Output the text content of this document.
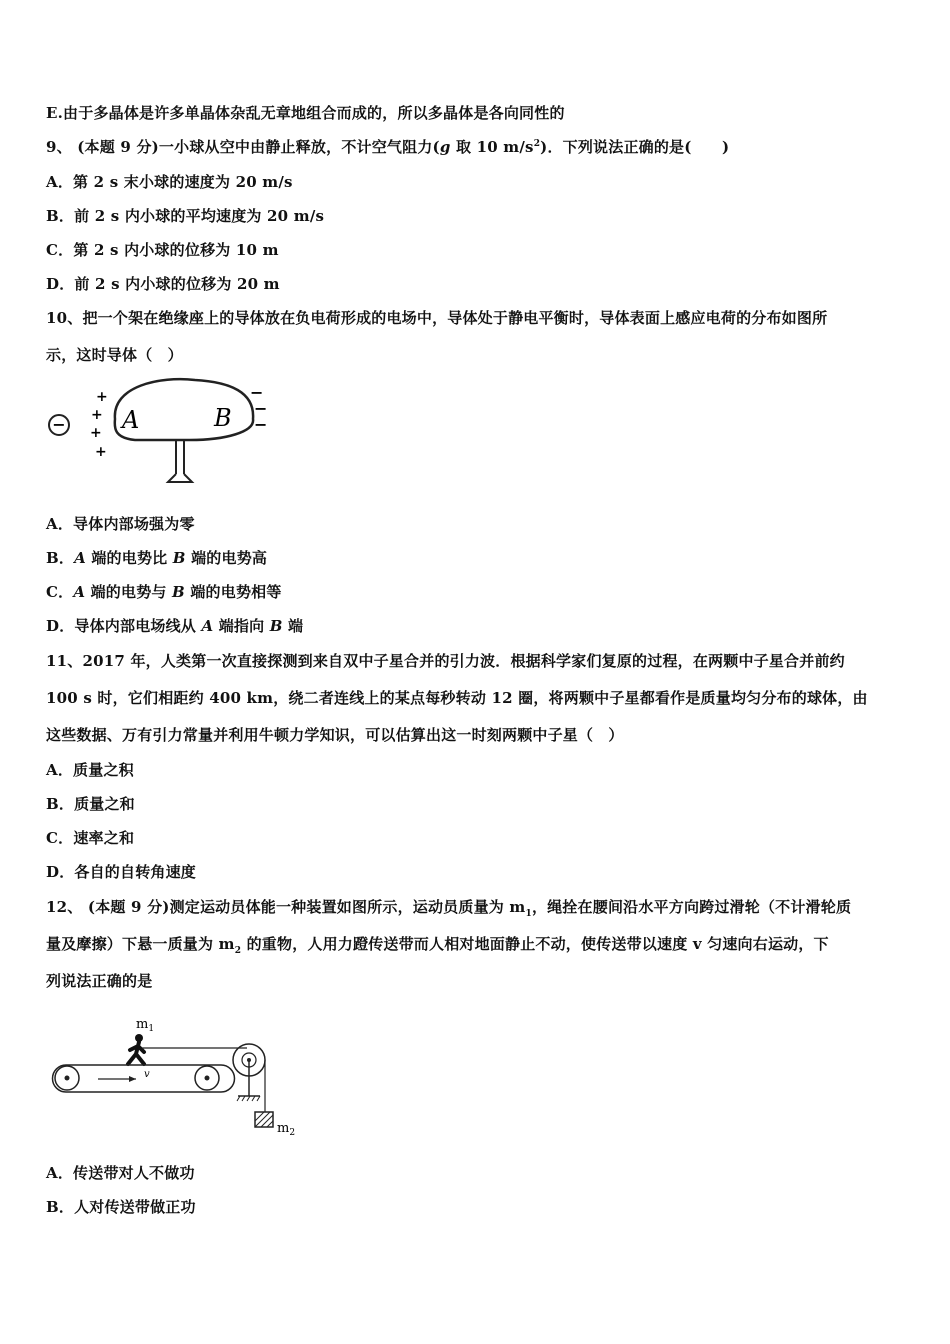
E.由于多晶体是许多单晶体杂乱无章地组合而成的，所以多晶体是各向同性的
9、 (本题 9 分)一小球从空中由静止释放，不计空气阻力(g 取 10 $m/s^2$)．下列说法正确的是(　　)
A．第 2 s 末小球的速度为 20 m/s
B．前 2 s 内小球的平均速度为 20 m/s
C．第 2 s 内小球的位移为 10 m
D．前 2 s 内小球的位移为 20 m
10、把一个架在绝缘座上的导体放在负电荷形成的电场中，导体处于静电平衡时，导体表面上感应电荷的分布如图所
示，这时导体（　）
− A	B
+
+
+
+
−
−
−
A．导体内部场强为零
B．A 端的电势比 B 端的电势高
C．A 端的电势与 B 端的电势相等
D．导体内部电场线从 A 端指向 B 端
11、2017 年，人类第一次直接探测到来自双中子星合并的引力波．根据科学家们复原的过程，在两颗中子星合并前约
100 s 时，它们相距约 400 km，绕二者连线上的某点每秒转动 12 圈，将两颗中子星都看作是质量均匀分布的球体，由
这些数据、万有引力常量并利用牛顿力学知识，可以估算出这一时刻两颗中子星（　）
A．质量之积
B．质量之和
C．速率之和
D．各自的自转角速度
12、 (本题 9 分)测定运动员体能一种装置如图所示，运动员质量为 $m_1$，绳拴在腰间沿水平方向跨过滑轮（不计滑轮质
量及摩擦）下悬一质量为 $m_2$ 的重物，人用力蹬传送带而人相对地面静止不动，使传送带以速度 v 匀速向右运动，下
列说法正确的是
$m_1$
v
$m_2$
A．传送带对人不做功
B．人对传送带做正功
